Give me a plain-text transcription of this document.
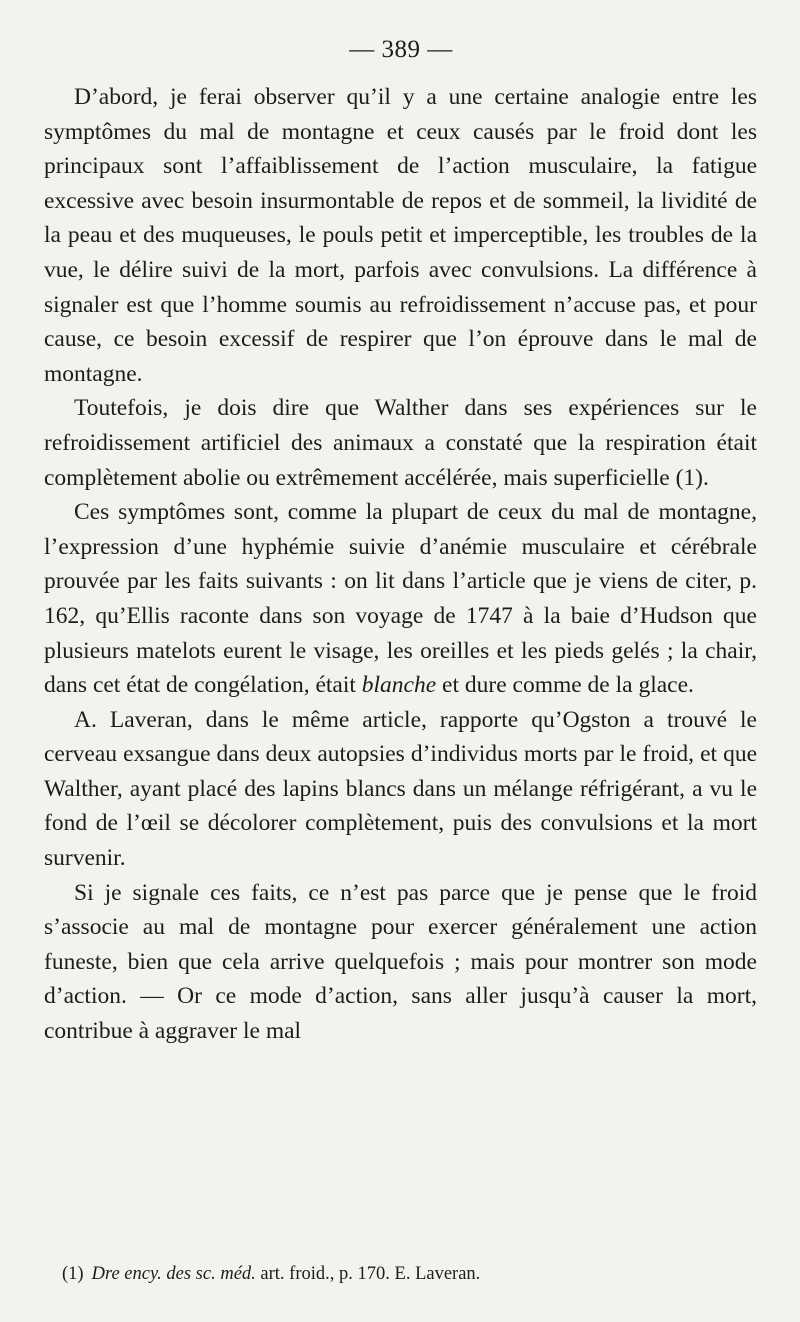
— 389 —

D’abord, je ferai observer qu’il y a une certaine analogie entre les symptômes du mal de montagne et ceux causés par le froid dont les principaux sont l’affaiblissement de l’action musculaire, la fatigue excessive avec besoin insurmontable de repos et de sommeil, la lividité de la peau et des muqueuses, le pouls petit et imperceptible, les troubles de la vue, le délire suivi de la mort, parfois avec convulsions. La différence à signaler est que l’homme soumis au refroidissement n’accuse pas, et pour cause, ce besoin excessif de respirer que l’on éprouve dans le mal de montagne.

Toutefois, je dois dire que Walther dans ses expériences sur le refroidissement artificiel des animaux a constaté que la respiration était complètement abolie ou extrêmement accélérée, mais superficielle (1).

Ces symptômes sont, comme la plupart de ceux du mal de montagne, l’expression d’une hyphémie suivie d’anémie musculaire et cérébrale prouvée par les faits suivants : on lit dans l’article que je viens de citer, p. 162, qu’Ellis raconte dans son voyage de 1747 à la baie d’Hudson que plusieurs matelots eurent le visage, les oreilles et les pieds gelés ; la chair, dans cet état de congélation, était blanche et dure comme de la glace.

A. Laveran, dans le même article, rapporte qu’Ogston a trouvé le cerveau exsangue dans deux autopsies d’individus morts par le froid, et que Walther, ayant placé des lapins blancs dans un mélange réfrigérant, a vu le fond de l’œil se décolorer complètement, puis des convulsions et la mort survenir.

Si je signale ces faits, ce n’est pas parce que je pense que le froid s’associe au mal de montagne pour exercer généralement une action funeste, bien que cela arrive quelquefois ; mais pour montrer son mode d’action. — Or ce mode d’action, sans aller jusqu’à causer la mort, contribue à aggraver le mal

(1) Dre ency. des sc. méd. art. froid., p. 170. E. Laveran.
